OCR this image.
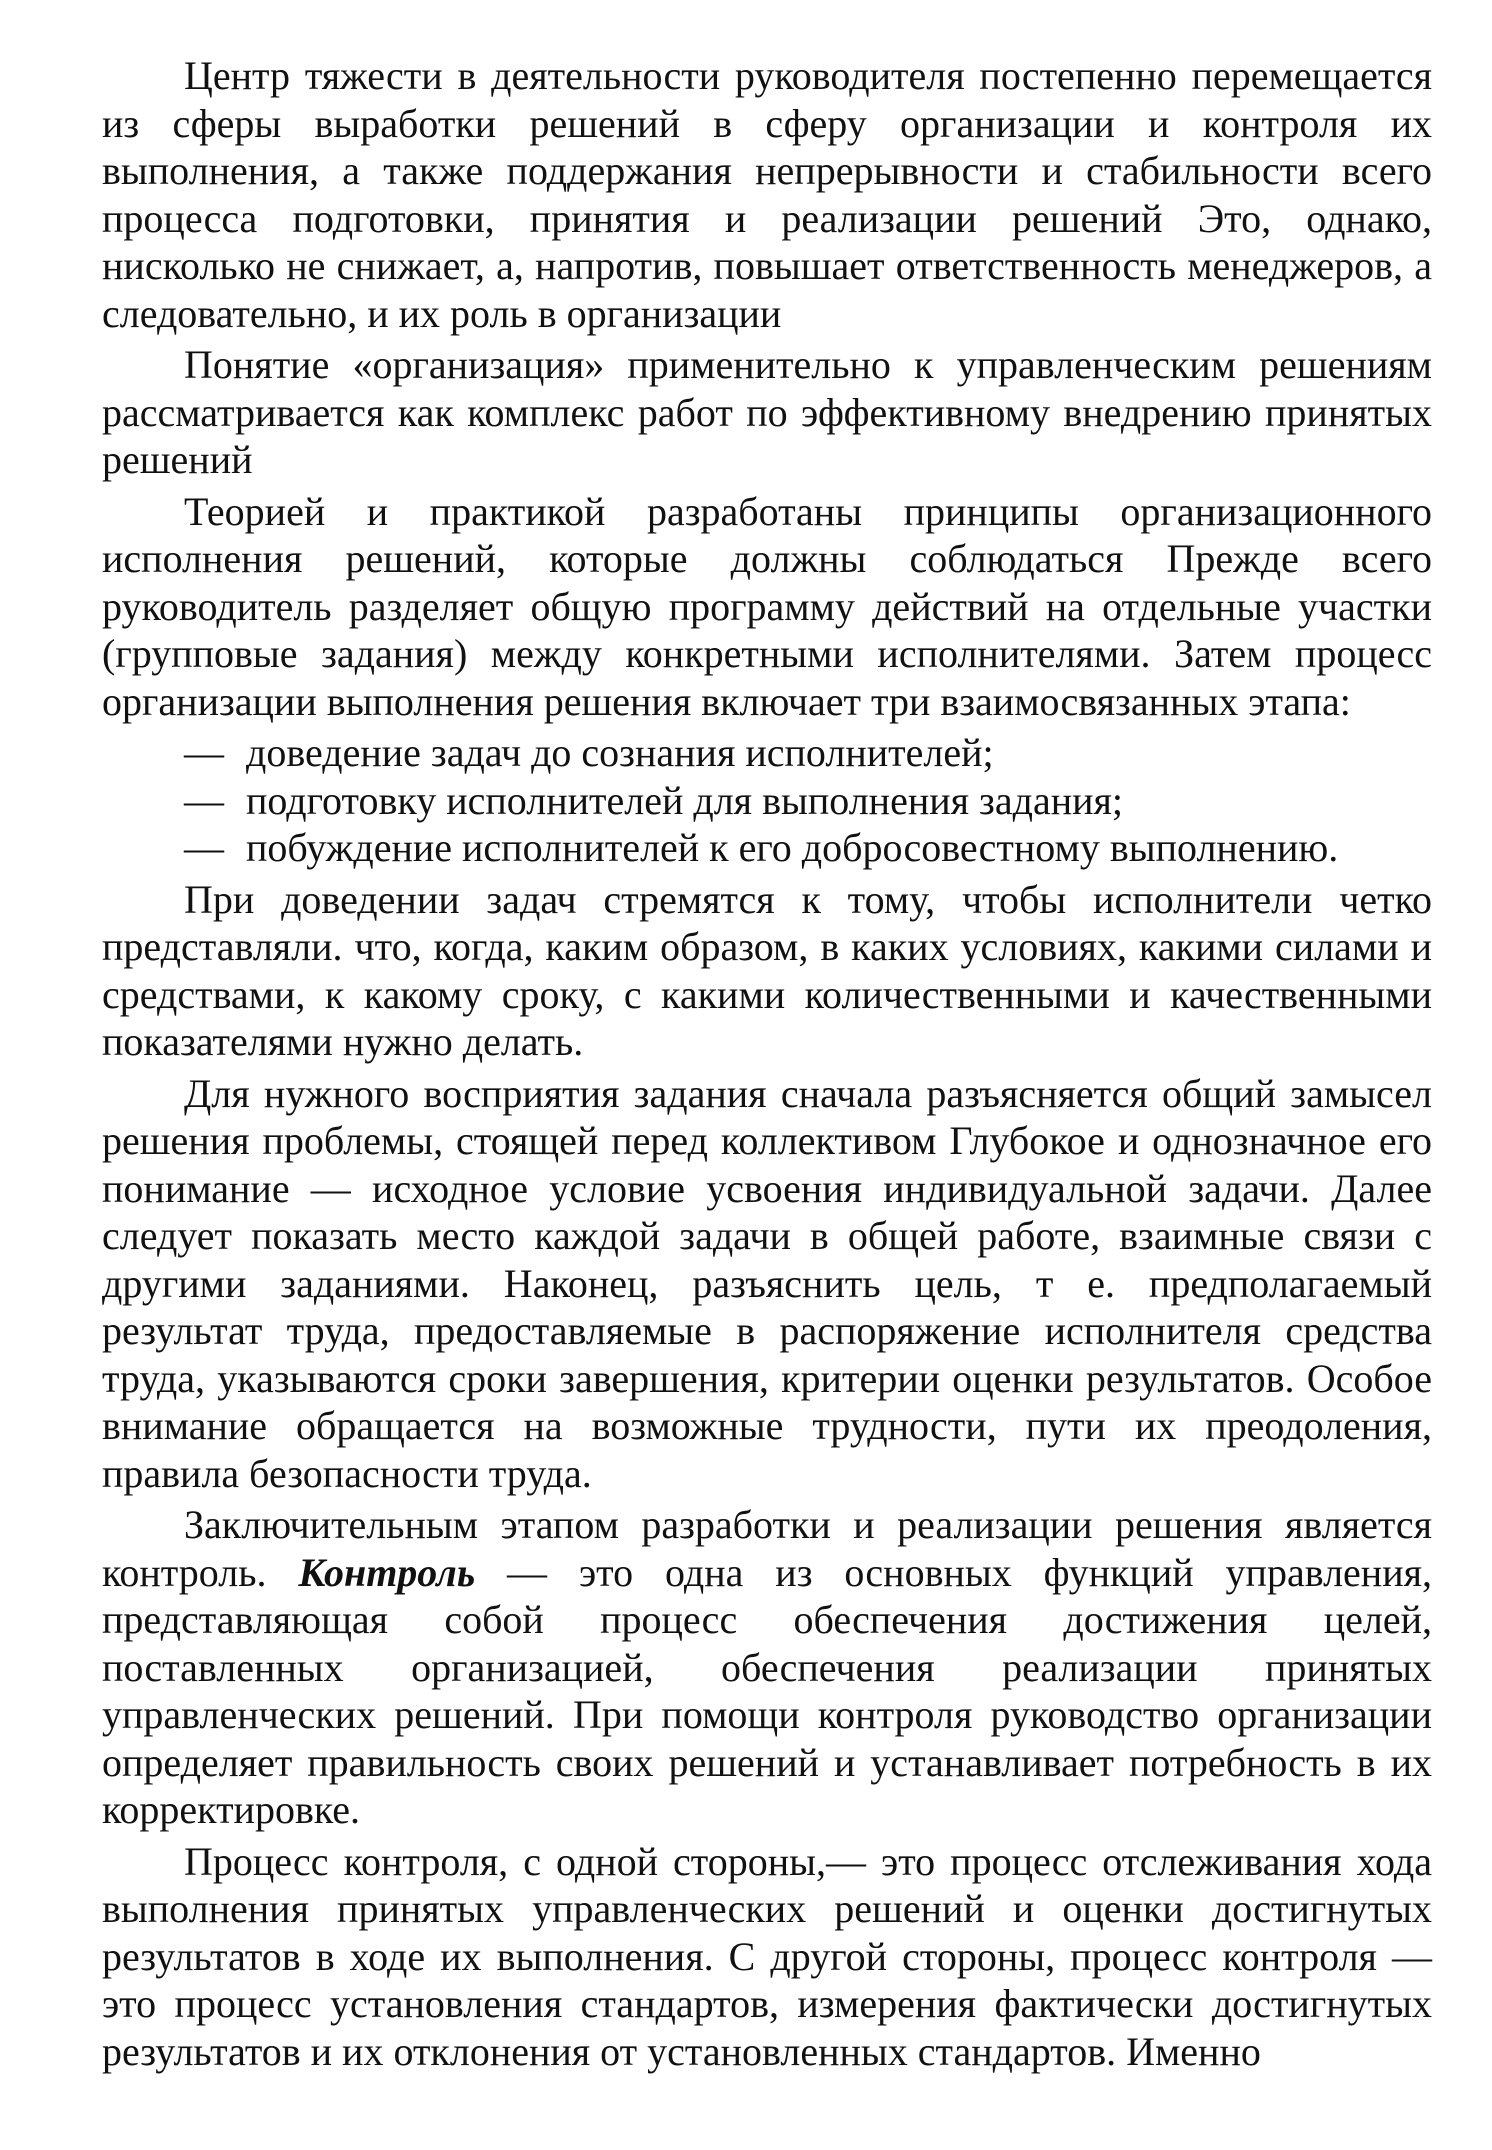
Центр тяжести в деятельности руководителя постепенно перемещается из сферы выработки решений в сферу организации и контроля их выполнения, а также поддержания непрерывности и стабильности всего процесса подготовки, принятия и реализации решений Это, однако, нисколько не снижает, а, напротив, повышает ответственность менеджеров, а следовательно, и их роль в организации

Понятие «организация» применительно к управленческим решениям рассматривается как комплекс работ по эффективному внедрению принятых решений

Теорией и практикой разработаны принципы организационного исполнения решений, которые должны соблюдаться Прежде всего руководитель разделяет общую программу действий на отдельные участки (групповые задания) между конкретными исполнителями. Затем процесс организации выполнения решения включает три взаимосвязанных этапа:

— доведение задач до сознания исполнителей;
— подготовку исполнителей для выполнения задания;
— побуждение исполнителей к его добросовестному выполнению.

При доведении задач стремятся к тому, чтобы исполнители четко представляли. что, когда, каким образом, в каких условиях, какими силами и средствами, к какому сроку, с какими количественными и качественными показателями нужно делать.

Для нужного восприятия задания сначала разъясняется общий замысел решения проблемы, стоящей перед коллективом Глубокое и однозначное его понимание — исходное условие усвоения индивидуальной задачи. Далее следует показать место каждой задачи в общей работе, взаимные связи с другими заданиями. Наконец, разъяснить цель, т е. предполагаемый результат труда, предоставляемые в распоряжение исполнителя средства труда, указываются сроки завершения, критерии оценки результатов. Особое внимание обращается на возможные трудности, пути их преодоления, правила безопасности труда.

Заключительным этапом разработки и реализации решения является контроль. Контроль — это одна из основных функций управления, представляющая собой процесс обеспечения достижения целей, поставленных организацией, обеспечения реализации принятых управленческих решений. При помощи контроля руководство организации определяет правильность своих решений и устанавливает потребность в их корректировке.

Процесс контроля, с одной стороны,— это процесс отслеживания хода выполнения принятых управленческих решений и оценки достигнутых результатов в ходе их выполнения. С другой стороны, процесс контроля — это процесс установления стандартов, измерения фактически достигнутых результатов и их отклонения от установленных стандартов. Именно
